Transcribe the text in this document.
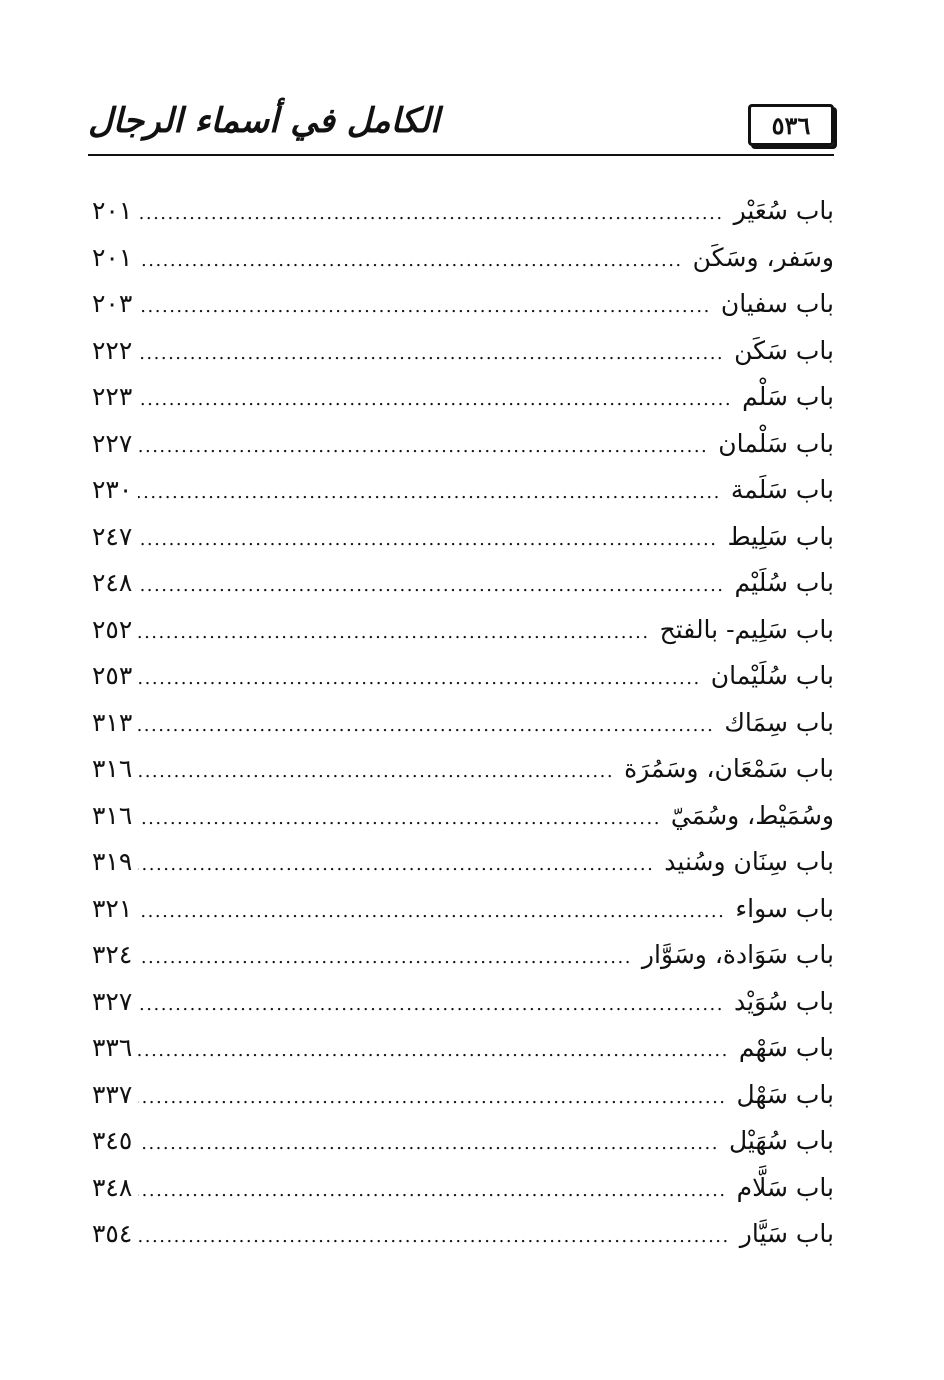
الكامل في أسماء الرجال	٥٣٦
باب سُعَيْر
.....
٢٠١
وسَفر، وسَكَن
.....
٢٠١
باب سفيان
.....
٢٠٣
باب سَكَن
.....
٢٢٢
باب سَلْم
.....
٢٢٣
باب سَلْمان
.....
٢٢٧
باب سَلَمة
.....
٢٣٠
باب سَلِيط
.....
٢٤٧
باب سُلَيْم
.....
٢٤٨
باب سَلِيم- بالفتح
.....
٢٥٢
باب سُلَيْمان
.....
٢٥٣
باب سِمَاك
.....
٣١٣
باب سَمْعَان، وسَمُرَة
.....
٣١٦
وسُمَيْط، وسُمَيّ
.....
٣١٦
باب سِنَان وسُنيد
.....
٣١٩
باب سواء
.....
٣٢١
باب سَوَادة، وسَوَّار
.....
٣٢٤
باب سُوَيْد
.....
٣٢٧
باب سَهْم
.....
٣٣٦
باب سَهْل
.....
٣٣٧
باب سُهَيْل
.....
٣٤٥
باب سَلَّام
.....
٣٤٨
باب سَيَّار
.....
٣٥٤
